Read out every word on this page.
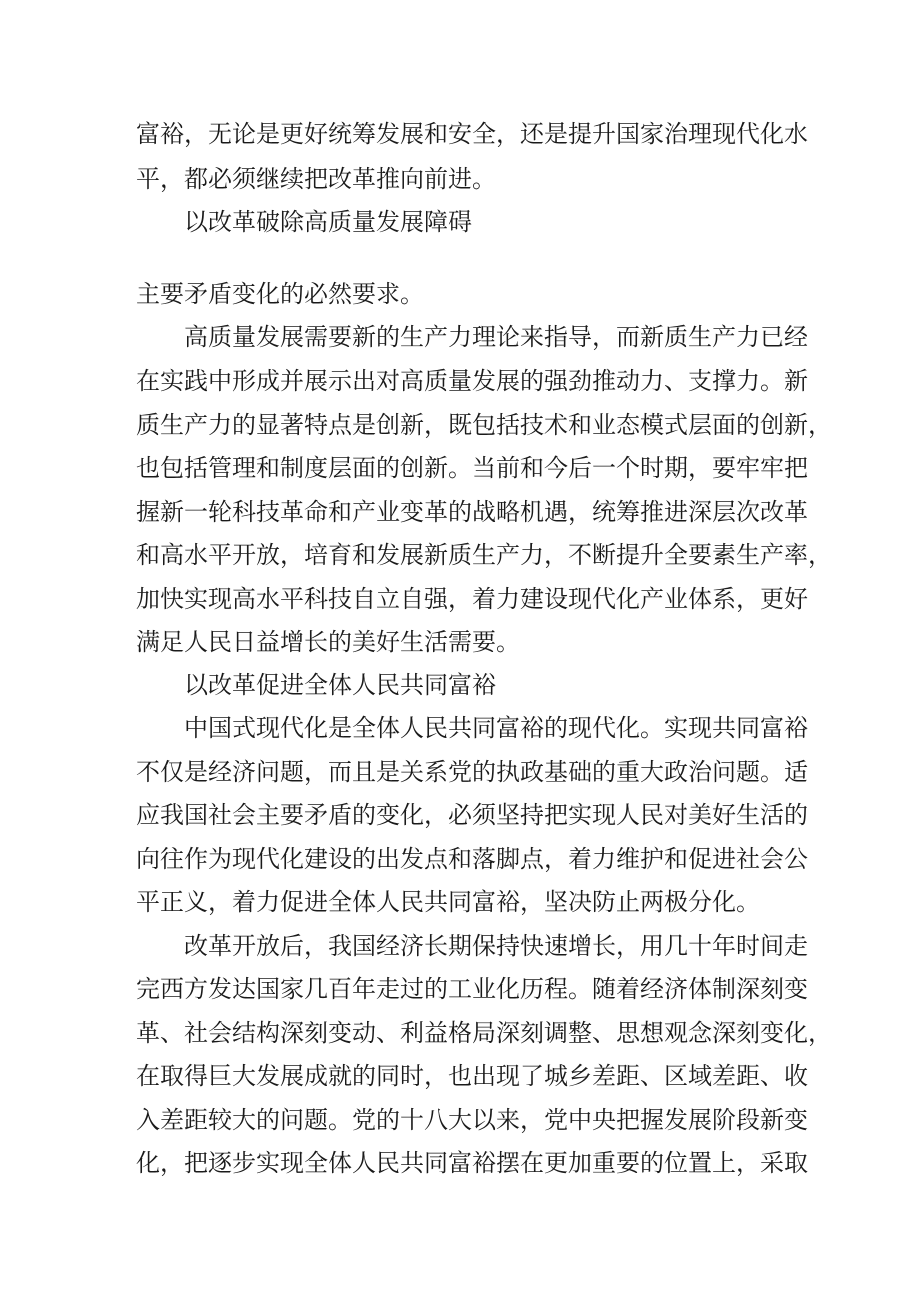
富裕，无论是更好统筹发展和安全，还是提升国家治理现代化水
平，都必须继续把改革推向前进。
以改革破除高质量发展障碍
主要矛盾变化的必然要求。
高质量发展需要新的生产力理论来指导，而新质生产力已经
在实践中形成并展示出对高质量发展的强劲推动力、支撑力。新
质生产力的显著特点是创新，既包括技术和业态模式层面的创新，
也包括管理和制度层面的创新。当前和今后一个时期，要牢牢把
握新一轮科技革命和产业变革的战略机遇，统筹推进深层次改革
和高水平开放，培育和发展新质生产力，不断提升全要素生产率，
加快实现高水平科技自立自强，着力建设现代化产业体系，更好
满足人民日益增长的美好生活需要。
以改革促进全体人民共同富裕
中国式现代化是全体人民共同富裕的现代化。实现共同富裕
不仅是经济问题，而且是关系党的执政基础的重大政治问题。适
应我国社会主要矛盾的变化，必须坚持把实现人民对美好生活的
向往作为现代化建设的出发点和落脚点，着力维护和促进社会公
平正义，着力促进全体人民共同富裕，坚决防止两极分化。
改革开放后，我国经济长期保持快速增长，用几十年时间走
完西方发达国家几百年走过的工业化历程。随着经济体制深刻变
革、社会结构深刻变动、利益格局深刻调整、思想观念深刻变化，
在取得巨大发展成就的同时，也出现了城乡差距、区域差距、收
入差距较大的问题。党的十八大以来，党中央把握发展阶段新变
化，把逐步实现全体人民共同富裕摆在更加重要的位置上，采取
